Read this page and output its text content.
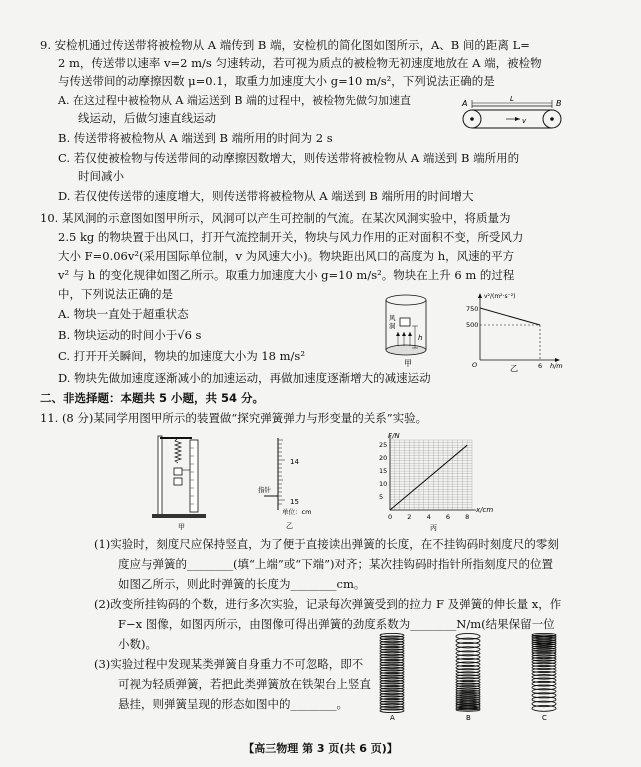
9. 安检机通过传送带将被检物从 A 端传到 B 端，安检机的简化图如图所示，A、B 间的距离 L=
2 m，传送带以速率 v=2 m/s 匀速转动，若可视为质点的被检物无初速度地放在 A 端，被检物
与传送带间的动摩擦因数 μ=0.1，取重力加速度大小 g=10 m/s²，下列说法正确的是
A. 在这过程中被检物从 A 端运送到 B 端的过程中，被检物先做匀加速直
线运动，后做匀速直线运动
B. 传送带将被检物从 A 端送到 B 端所用的时间为 2 s
C. 若仅使被检物与传送带间的动摩擦因数增大，则传送带将被检物从 A 端送到 B 端所用的
时间减小
D. 若仅使传送带的速度增大，则传送带将被检物从 A 端送到 B 端所用的时间增大
A	B
L
v
10. 某风洞的示意图如图甲所示，风洞可以产生可控制的气流。在某次风洞实验中，将质量为
2.5 kg 的物块置于出风口，打开气流控制开关，物块与风力作用的正对面积不变，所受风力
大小 F=0.06v²(采用国际单位制，v 为风速大小)。物块距出风口的高度为 h，风速的平方
v² 与 h 的变化规律如图乙所示。取重力加速度大小 g=10 m/s²。物块在上升 6 m 的过程
中，下列说法正确的是
A. 物块一直处于超重状态
B. 物块运动的时间小于√6 s
C. 打开开关瞬间，物块的加速度大小为 18 m/s²
D. 物块先做加速度逐渐减小的加速运动，再做加速度逐渐增大的减速运动
风洞
h
甲
v²/(m²·s⁻²)
750
500
O	6 h/m
乙
二、非选择题：本题共 5 小题，共 54 分。
11. (8 分)某同学用图甲所示的装置做“探究弹簧弹力与形变量的关系”实验。
甲
14
15
指针
单位：cm
乙
0 2 4 6 8
5
10
15
20
25
F/N
x/cm
丙
(1)实验时，刻度尺应保持竖直，为了便于直接读出弹簧的长度，在不挂钩码时刻度尺的零刻
度应与弹簧的________(填“上端”或“下端”)对齐；某次挂钩码时指针所指刻度尺的位置
如图乙所示，则此时弹簧的长度为________cm。
(2)改变所挂钩码的个数，进行多次实验，记录每次弹簧受到的拉力 F 及弹簧的伸长量 x，作
F−x 图像，如图丙所示，由图像可得出弹簧的劲度系数为________N/m(结果保留一位
小数)。
(3)实验过程中发现某类弹簧自身重力不可忽略，即不
可视为轻质弹簧，若把此类弹簧放在铁架台上竖直
悬挂，则弹簧呈现的形态如图中的________。
A	B	C
【高三物理 第 3 页(共 6 页)】
